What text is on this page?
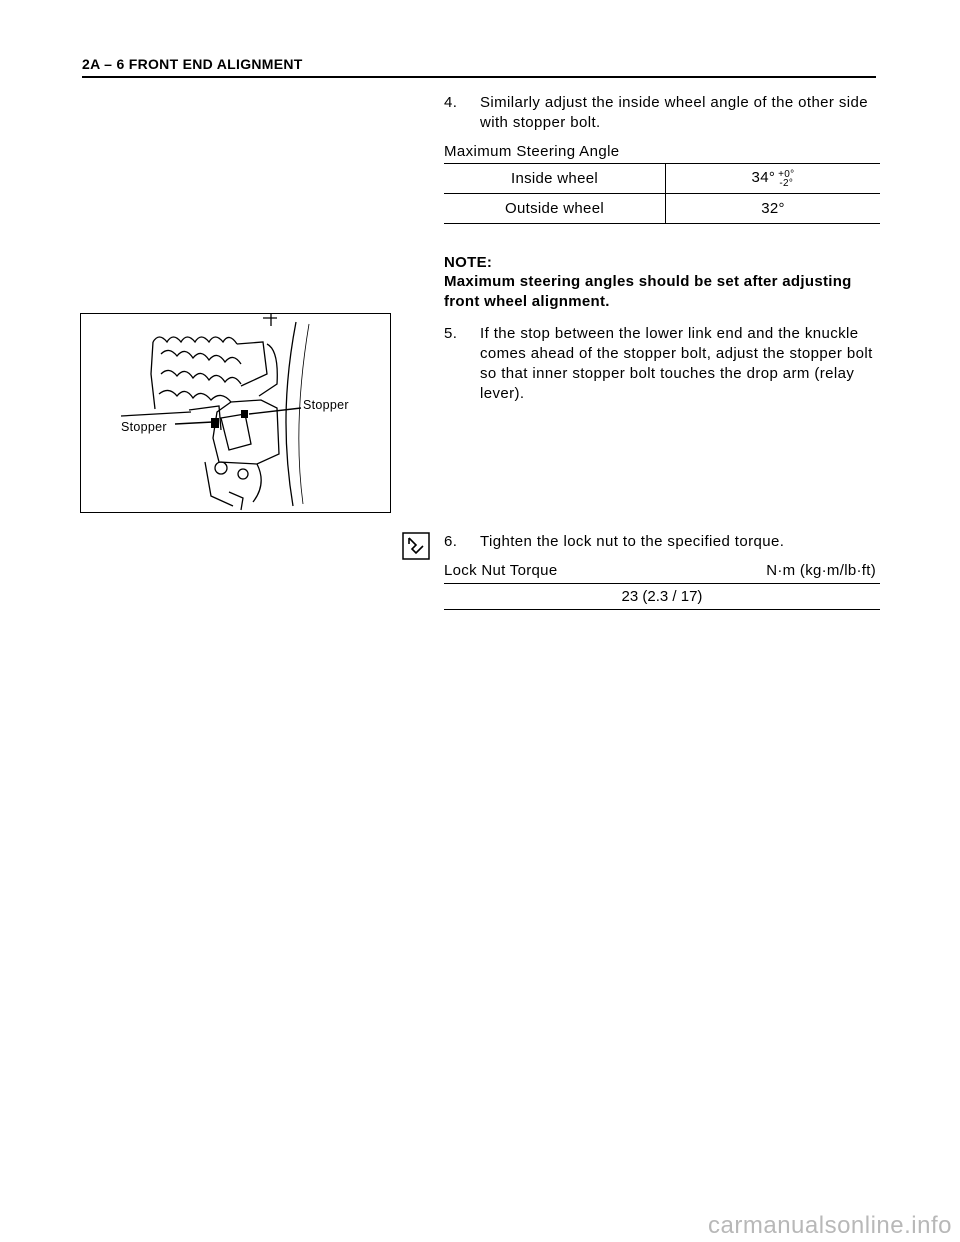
2A – 6 FRONT END ALIGNMENT
4.	Similarly adjust the inside wheel angle of the other side with stopper bolt.
Maximum Steering Angle
Inside wheel	34° +0°
-2°
Outside wheel	32°
NOTE:
Maximum steering angles should be set after adjusting front wheel alignment.
Stopper
Stopper
5.	If the stop between the lower link end and the knuckle comes ahead of the stopper bolt, adjust the stopper bolt so that inner stopper bolt touches the drop arm (relay lever).
6.	Tighten the lock nut to the specified torque.
Lock Nut Torque	N·m (kg·m/lb·ft)
23 (2.3 / 17)
carmanualsonline.info
